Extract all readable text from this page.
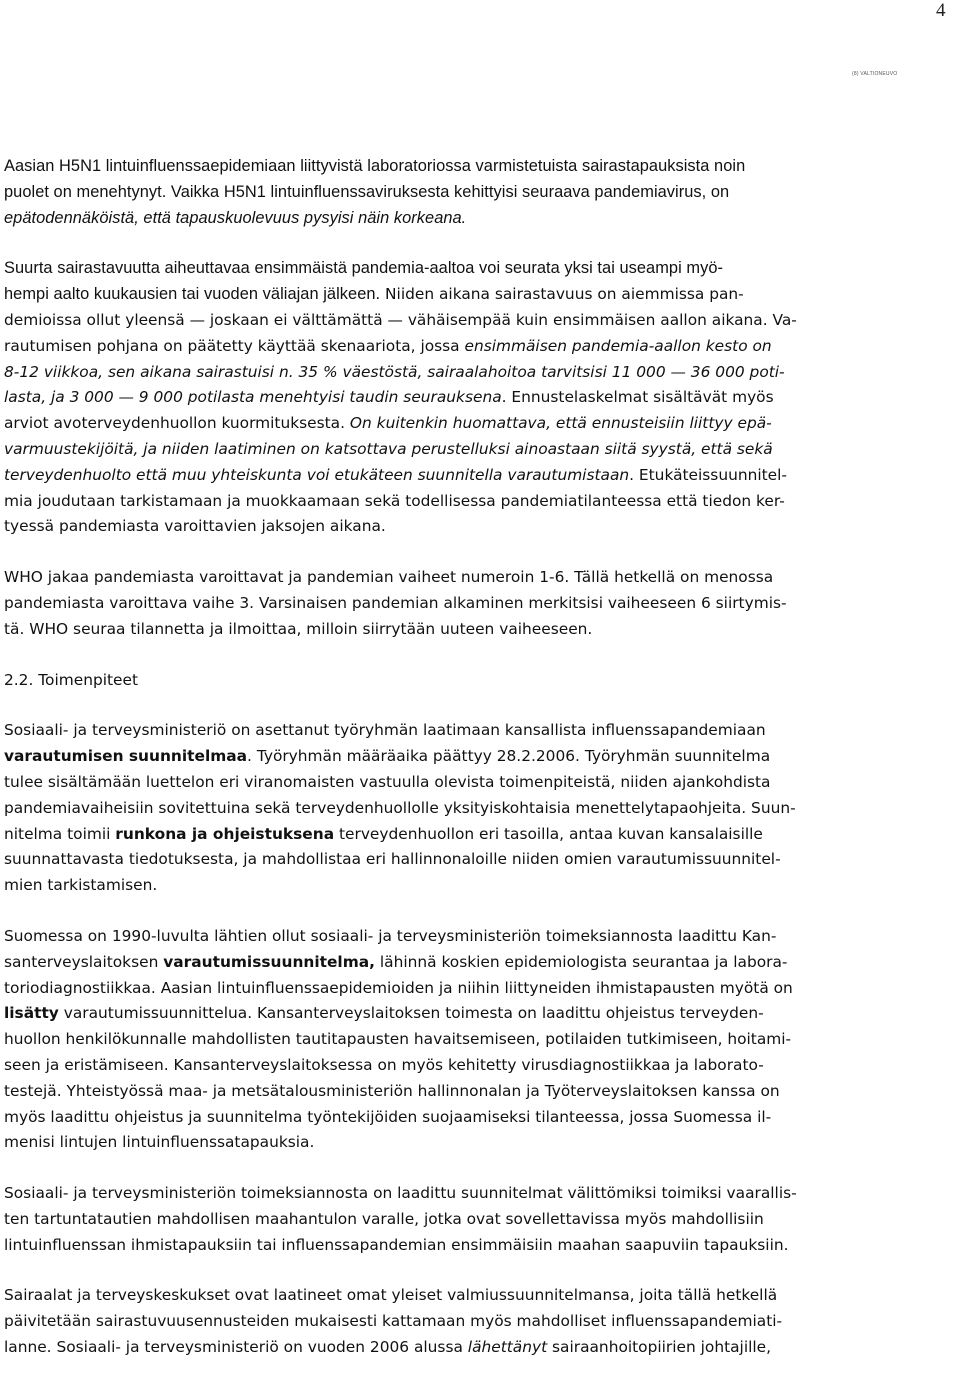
4
(8) VALTIONEUVO

Aasian H5N1 lintuinfluenssaepidemiaan liittyvistä laboratoriossa varmistetuista sairastapauksista noin
puolet on menehtynyt. Vaikka H5N1 lintuinfluenssaviruksesta kehittyisi seuraava pandemiavirus, on
epätodennäköistä, että tapauskuolevuus pysyisi näin korkeana.

Suurta sairastavuutta aiheuttavaa ensimmäistä pandemia-aaltoa voi seurata yksi tai useampi myö-
hempi aalto kuukausien tai vuoden väliajan jälkeen. Niiden aikana sairastavuus on aiemmissa pan-
demioissa ollut yleensä — joskaan ei välttämättä — vähäisempää kuin ensimmäisen aallon aikana. Va-
rautumisen pohjana on päätetty käyttää skenaariota, jossa ensimmäisen pandemia-aallon kesto on
8-12 viikkoa, sen aikana sairastuisi n. 35 % väestöstä, sairaalahoitoa tarvitsisi 11 000 — 36 000 poti-
lasta, ja 3 000 — 9 000 potilasta menehtyisi taudin seurauksena. Ennustelaskelmat sisältävät myös
arviot avoterveydenhuollon kuormituksesta. On kuitenkin huomattava, että ennusteisiin liittyy epä-
varmuustekijöitä, ja niiden laatiminen on katsottava perustelluksi ainoastaan siitä syystä, että sekä
terveydenhuolto että muu yhteiskunta voi etukäteen suunnitella varautumistaan. Etukäteissuunnitel-
mia joudutaan tarkistamaan ja muokkaamaan sekä todellisessa pandemiatilanteessa että tiedon ker-
tyessä pandemiasta varoittavien jaksojen aikana.

WHO jakaa pandemiasta varoittavat ja pandemian vaiheet numeroin 1-6. Tällä hetkellä on menossa
pandemiasta varoittava vaihe 3. Varsinaisen pandemian alkaminen merkitsisi vaiheeseen 6 siirtymis-
tä. WHO seuraa tilannetta ja ilmoittaa, milloin siirrytään uuteen vaiheeseen.

2.2. Toimenpiteet

Sosiaali- ja terveysministeriö on asettanut työryhmän laatimaan kansallista influenssapandemiaan
varautumisen suunnitelmaa. Työryhmän määräaika päättyy 28.2.2006. Työryhmän suunnitelma
tulee sisältämään luettelon eri viranomaisten vastuulla olevista toimenpiteistä, niiden ajankohdista
pandemiavaiheisiin sovitettuina sekä terveydenhuollolle yksityiskohtaisia menettelytapaohjeita. Suun-
nitelma toimii runkona ja ohjeistuksena terveydenhuollon eri tasoilla, antaa kuvan kansalaisille
suunnattavasta tiedotuksesta, ja mahdollistaa eri hallinnonaloille niiden omien varautumissuunnitel-
mien tarkistamisen.

Suomessa on 1990-luvulta lähtien ollut sosiaali- ja terveysministeriön toimeksiannosta laadittu Kan-
santerveyslaitoksen varautumissuunnitelma, lähinnä koskien epidemiologista seurantaa ja labora-
toriodiagnostiikkaa. Aasian lintuinfluenssaepidemioiden ja niihin liittyneiden ihmistapausten myötä on
lisätty varautumissuunnittelua. Kansanterveyslaitoksen toimesta on laadittu ohjeistus terveyden-
huollon henkilökunnalle mahdollisten tautitapausten havaitsemiseen, potilaiden tutkimiseen, hoitami-
seen ja eristämiseen. Kansanterveyslaitoksessa on myös kehitetty virusdiagnostiikkaa ja laborato-
testejä. Yhteistyössä maa- ja metsätalousministeriön hallinnonalan ja Työterveyslaitoksen kanssa on
myös laadittu ohjeistus ja suunnitelma työntekijöiden suojaamiseksi tilanteessa, jossa Suomessa il-
menisi lintujen lintuinfluenssatapauksia.

Sosiaali- ja terveysministeriön toimeksiannosta on laadittu suunnitelmat välittömiksi toimiksi vaarallis-
ten tartuntatautien mahdollisen maahantulon varalle, jotka ovat sovellettavissa myös mahdollisiin
lintuinfluenssan ihmistapauksiin tai influenssapandemian ensimmäisiin maahan saapuviin tapauksiin.

Sairaalat ja terveyskeskukset ovat laatineet omat yleiset valmiussuunnitelmansa, joita tällä hetkellä
päivitetään sairastuvuusennusteiden mukaisesti kattamaan myös mahdolliset influenssapandemiati-
lanne. Sosiaali- ja terveysministeriö on vuoden 2006 alussa lähettänyt sairaanhoitopiirien johtajille,
